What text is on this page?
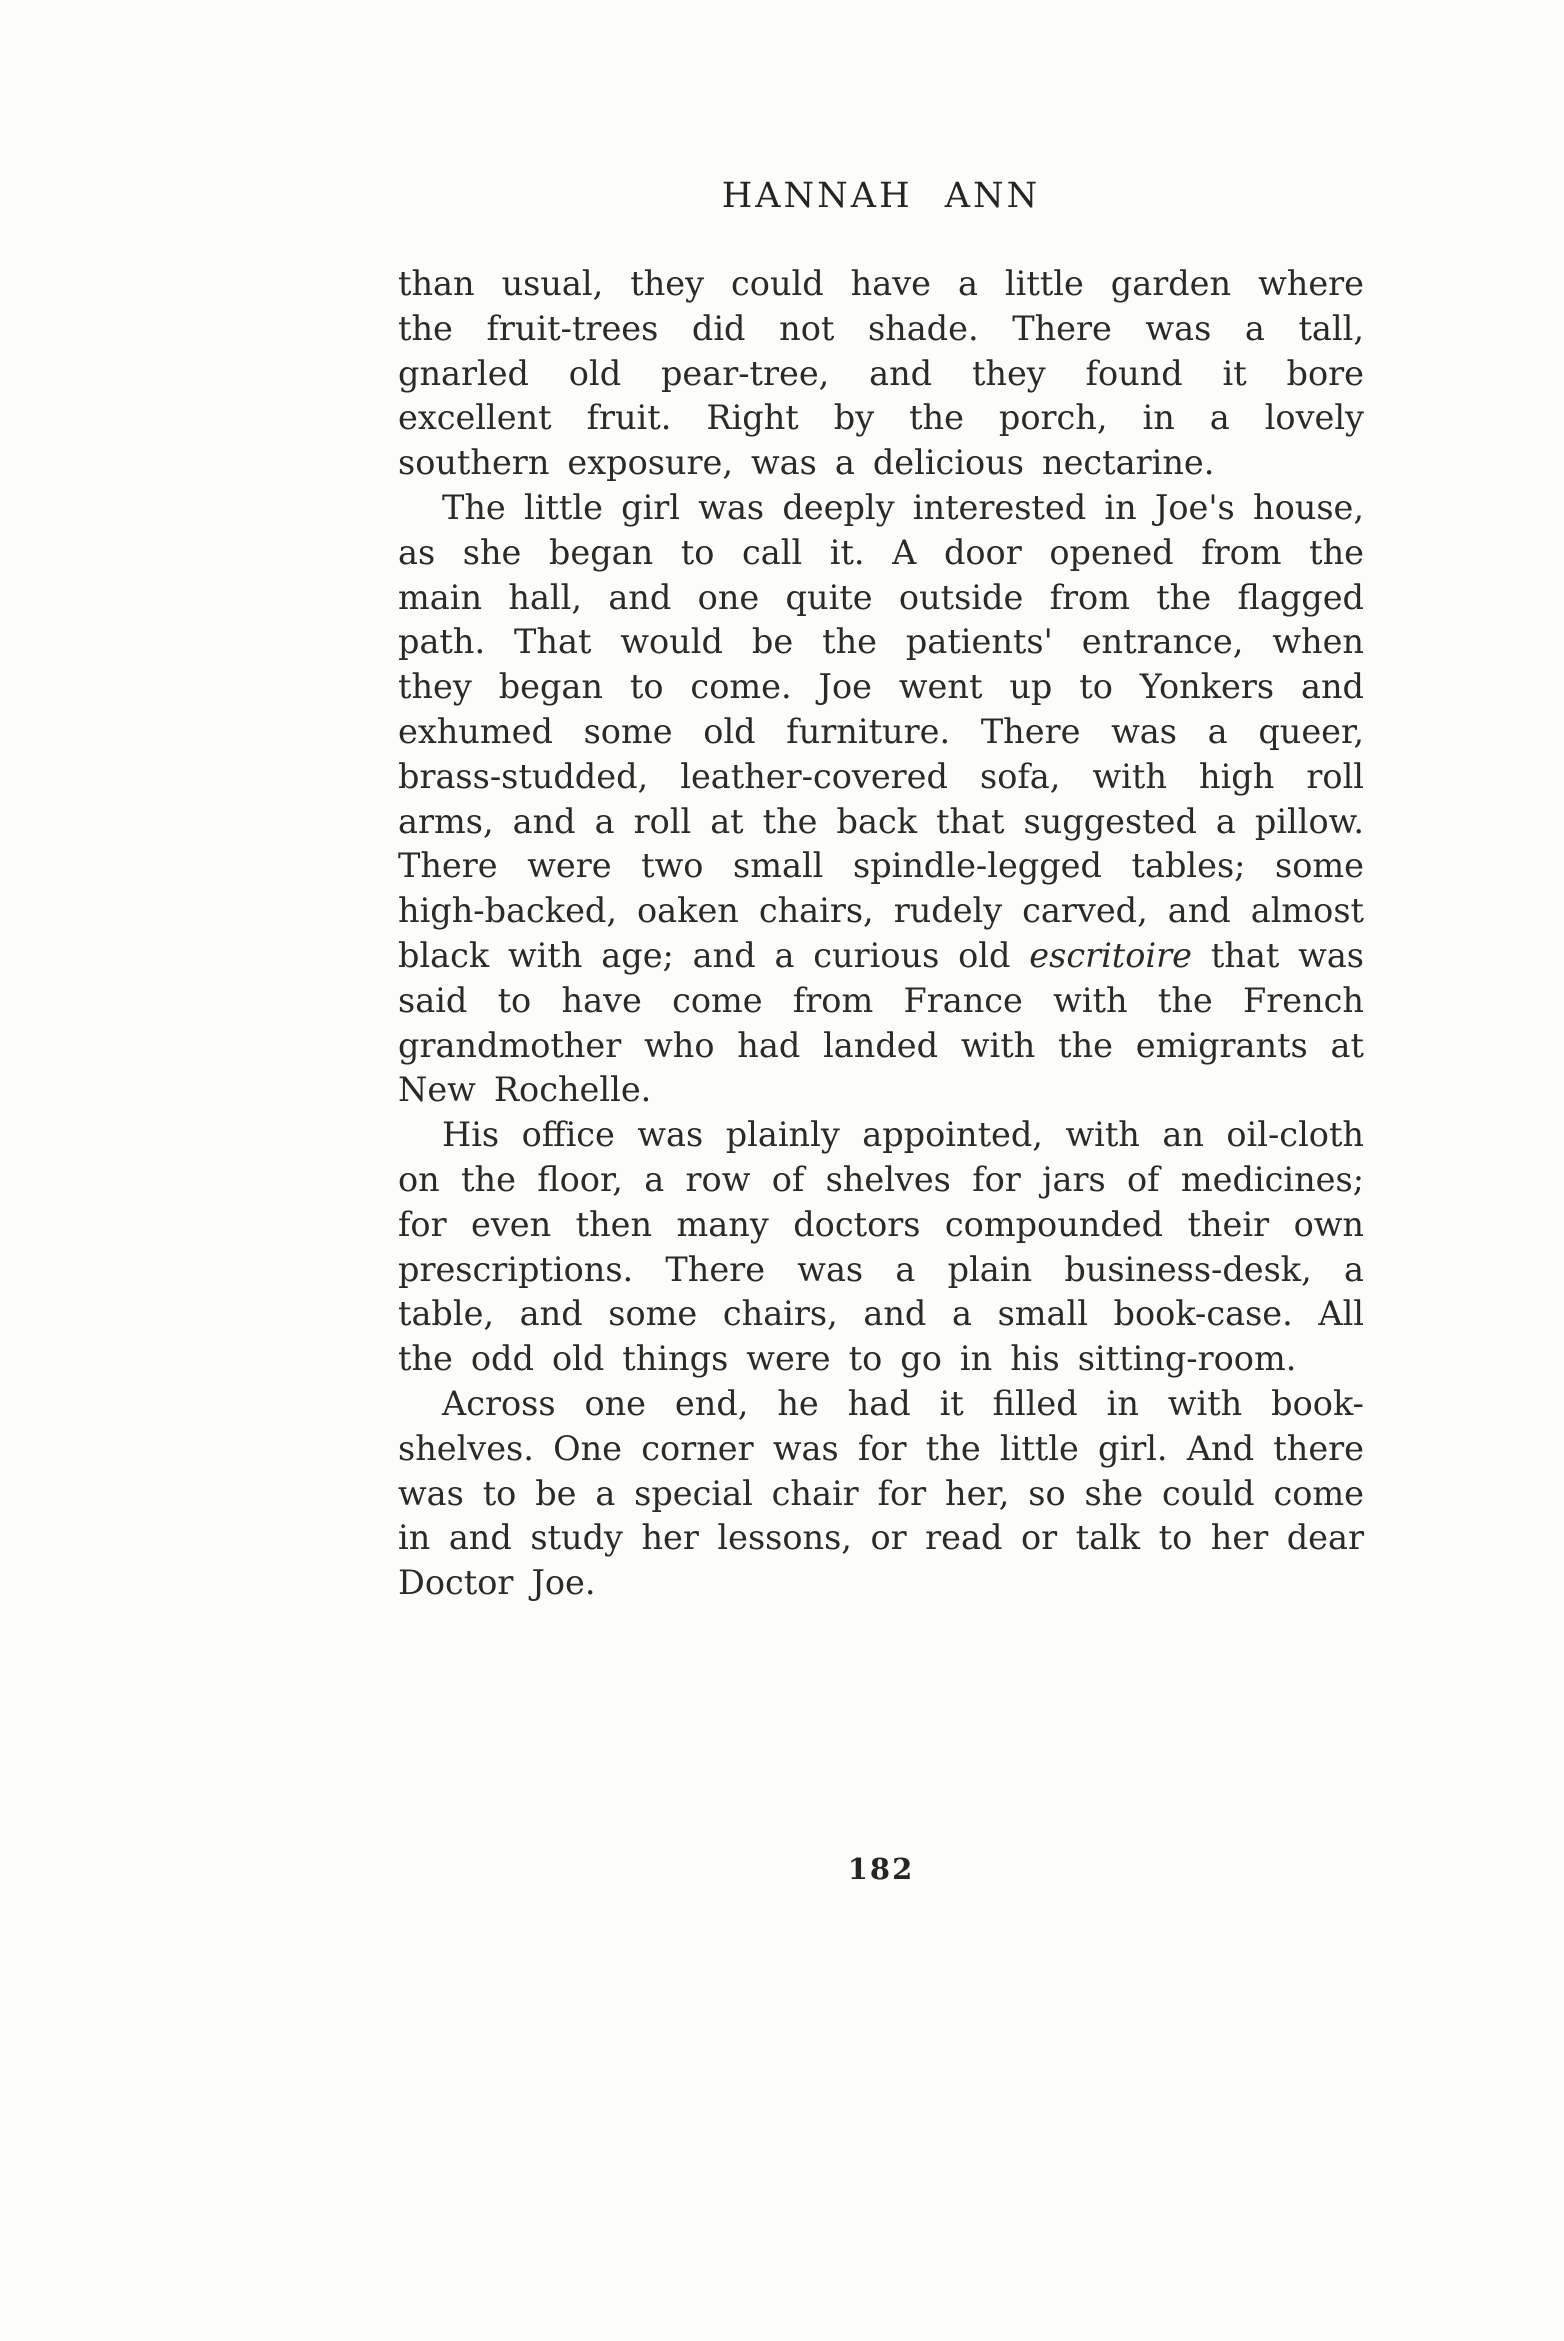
HANNAH ANN

than usual, they could have a little garden where the fruit-trees did not shade. There was a tall, gnarled old pear-tree, and they found it bore excellent fruit. Right by the porch, in a lovely southern exposure, was a delicious nectarine.

The little girl was deeply interested in Joe's house, as she began to call it. A door opened from the main hall, and one quite outside from the flagged path. That would be the patients' entrance, when they began to come. Joe went up to Yonkers and exhumed some old furniture. There was a queer, brass-studded, leather-covered sofa, with high roll arms, and a roll at the back that suggested a pillow. There were two small spindle-legged tables; some high-backed, oaken chairs, rudely carved, and almost black with age; and a curious old escritoire that was said to have come from France with the French grandmother who had landed with the emigrants at New Rochelle.

His office was plainly appointed, with an oil-cloth on the floor, a row of shelves for jars of medicines; for even then many doctors compounded their own prescriptions. There was a plain business-desk, a table, and some chairs, and a small book-case. All the odd old things were to go in his sitting-room.

Across one end, he had it filled in with book-shelves. One corner was for the little girl. And there was to be a special chair for her, so she could come in and study her lessons, or read or talk to her dear Doctor Joe.

182
